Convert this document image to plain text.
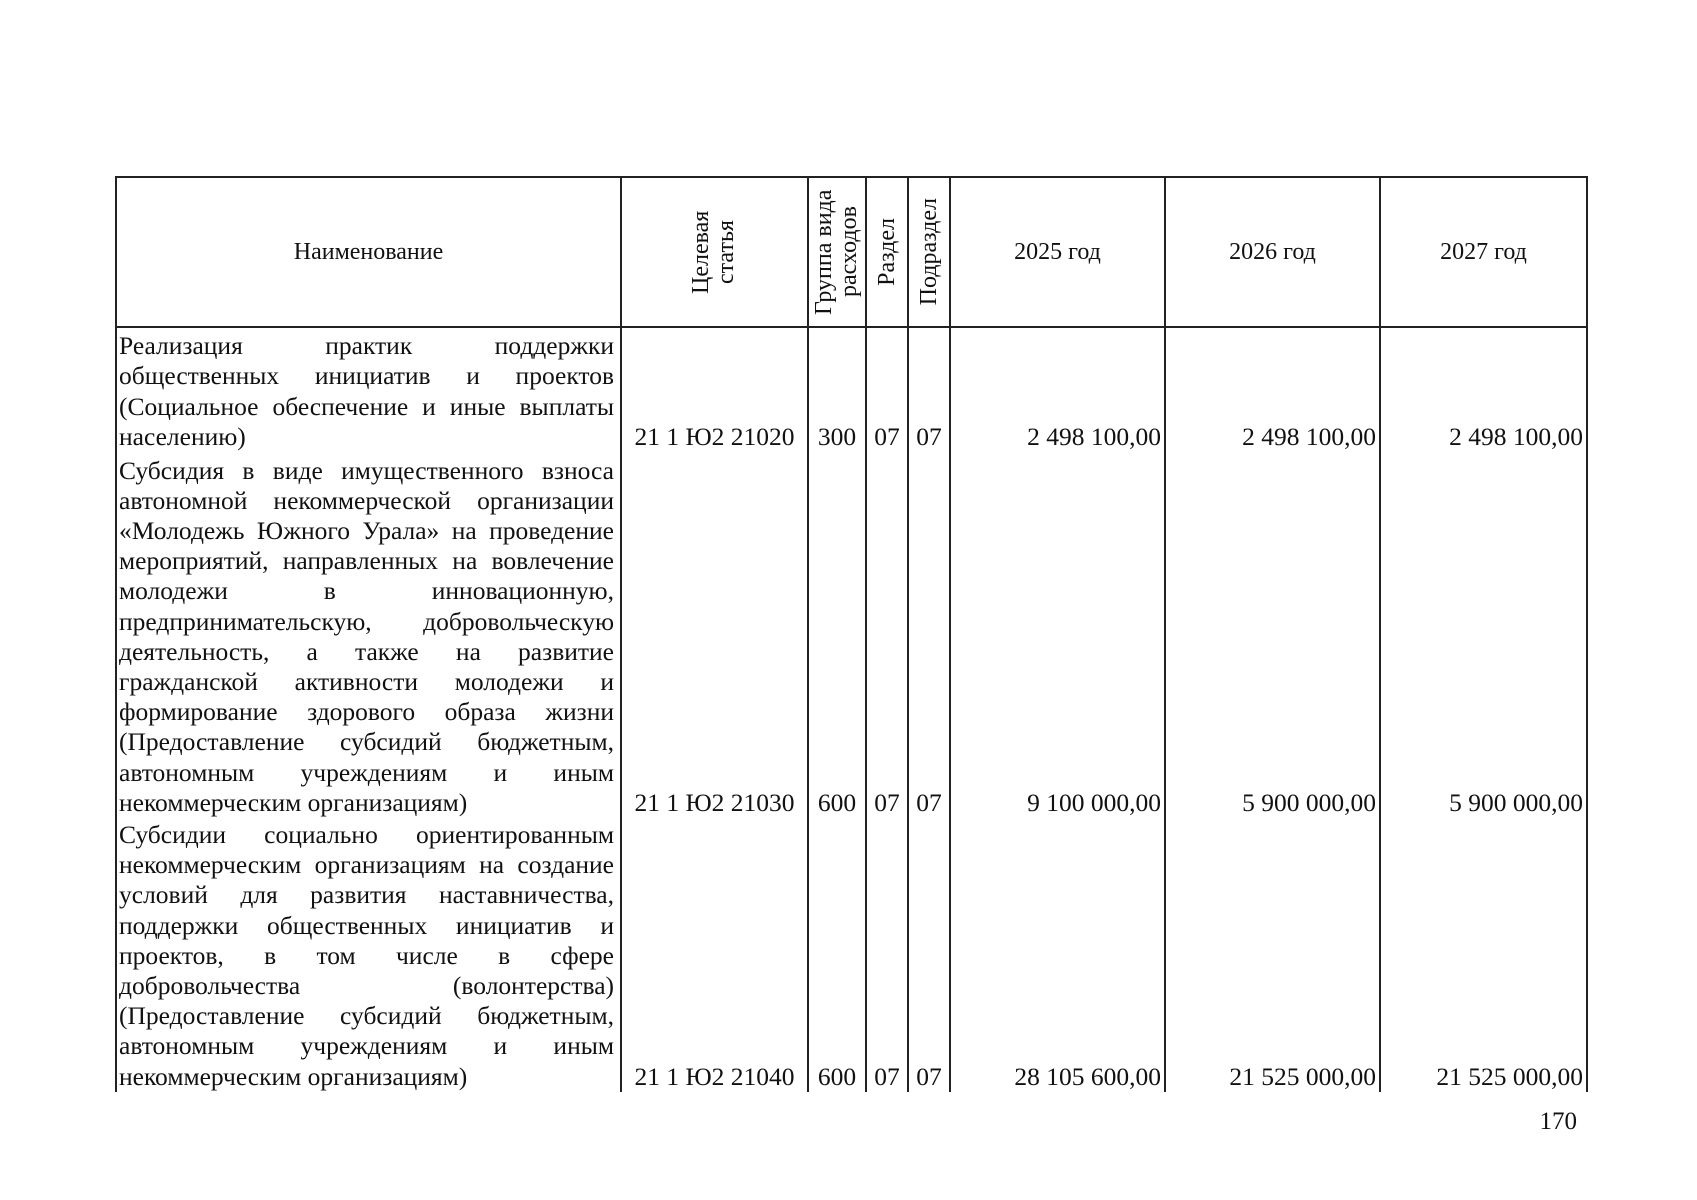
Наименование	Целевая статья	Группа вида расходов	Раздел	Подраздел	2025 год	2026 год	2027 год
Реализация практик поддержки общественных инициатив и проектов (Социальное обеспечение и иные выплаты населению)	21 1 Ю2 21020	300	07	07	2 498 100,00	2 498 100,00	2 498 100,00
Субсидия в виде имущественного взноса автономной некоммерческой организации «Молодежь Южного Урала» на проведение мероприятий, направленных на вовлечение молодежи в инновационную, предпринимательскую, добровольческую деятельность, а также на развитие гражданской активности молодежи и формирование здорового образа жизни (Предоставление субсидий бюджетным, автономным учреждениям и иным некоммерческим организациям)	21 1 Ю2 21030	600	07	07	9 100 000,00	5 900 000,00	5 900 000,00
Субсидии социально ориентированным некоммерческим организациям на создание условий для развития наставничества, поддержки общественных инициатив и проектов, в том числе в сфере добровольчества (волонтерства) (Предоставление субсидий бюджетным, автономным учреждениям и иным некоммерческим организациям)	21 1 Ю2 21040	600	07	07	28 105 600,00	21 525 000,00	21 525 000,00
170
